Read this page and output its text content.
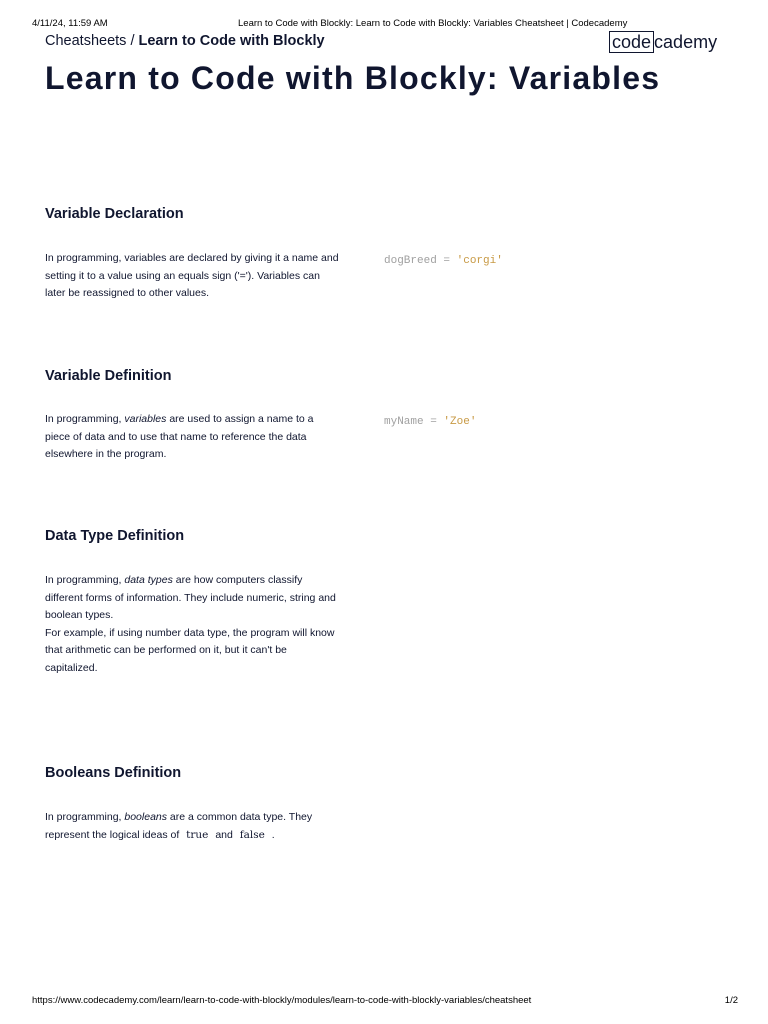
4/11/24, 11:59 AM	Learn to Code with Blockly: Learn to Code with Blockly: Variables Cheatsheet | Codecademy
Cheatsheets / Learn to Code with Blockly	code cademy
Learn to Code with Blockly: Variables
Variable Declaration

In programming, variables are declared by giving it a name and setting it to a value using an equals sign ('='). Variables can later be reassigned to other values.

dogBreed = 'corgi'
Variable Definition

In programming, variables are used to assign a name to a piece of data and to use that name to reference the data elsewhere in the program.

myName = 'Zoe'
Data Type Definition

In programming, data types are how computers classify different forms of information. They include numeric, string and boolean types.
For example, if using number data type, the program will know that arithmetic can be performed on it, but it can't be capitalized.

Booleans Definition

In programming, booleans are a common data type. They represent the logical ideas of true and false .

https://www.codecademy.com/learn/learn-to-code-with-blockly/modules/learn-to-code-with-blockly-variables/cheatsheet	1/2
